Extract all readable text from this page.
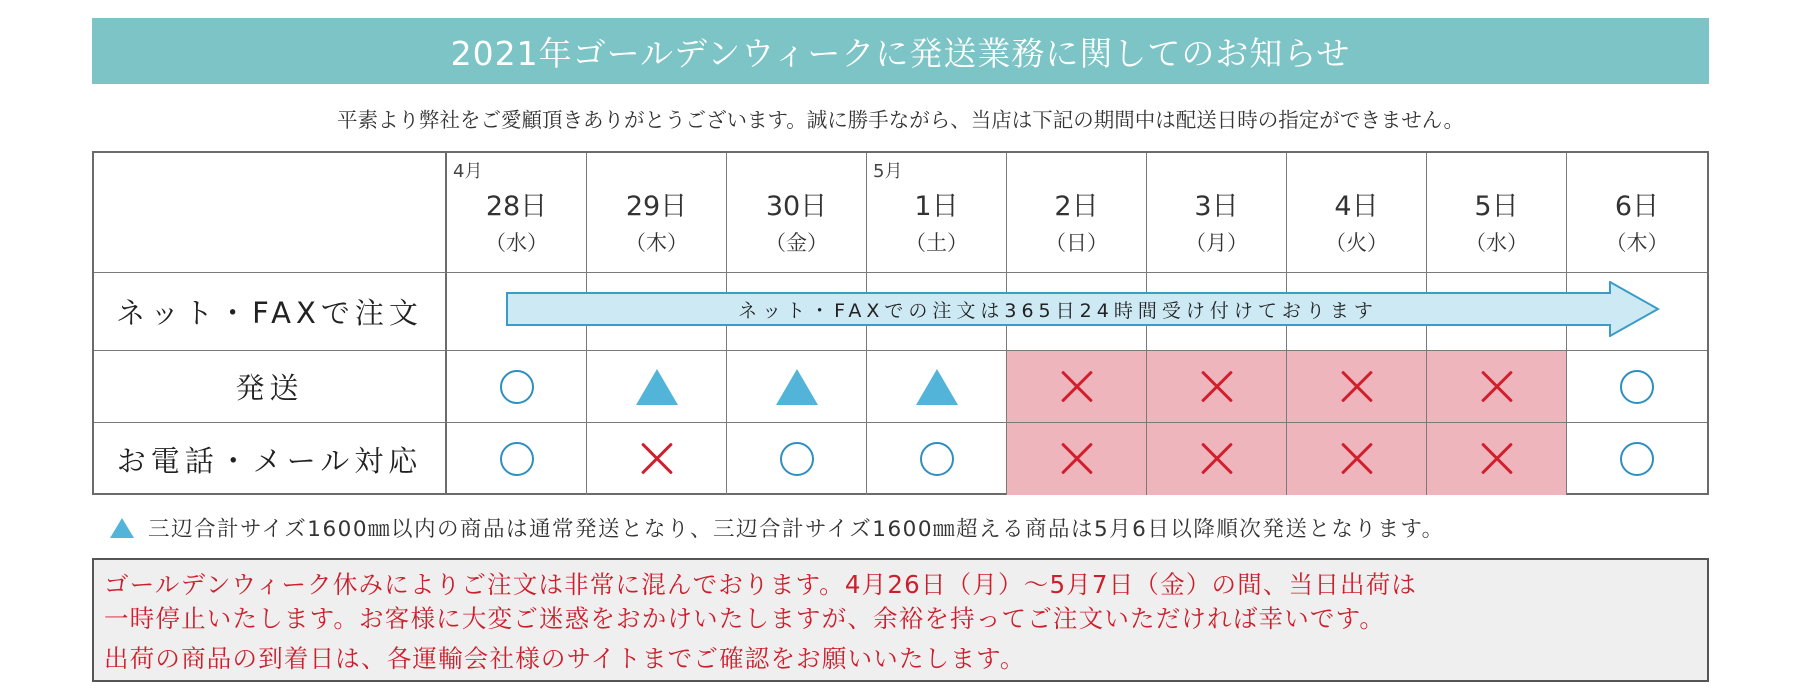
2021年ゴールデンウィークに発送業務に関してのお知らせ
平素より弊社をご愛顧頂きありがとうございます。誠に勝手ながら、当店は下記の期間中は配送日時の指定ができません。
4月
28日
（水）
29日
（木）
30日
（金）
5月
1日
（土）
2日
（日）
3日
（月）
4日
（火）
5日
（水）
6日
（木）
ネット・FAXで注文
発送
お電話・メール対応
ネット・FAXでの注文は365日24時間受け付けております
三辺合計サイズ1600㎜以内の商品は通常発送となり、三辺合計サイズ1600㎜超える商品は5月6日以降順次発送となります。

ゴールデンウィーク休みによりご注文は非常に混んでおります。4月26日（月）～5月7日（金）の間、当日出荷は

一時停止いたします。お客様に大変ご迷惑をおかけいたしますが、余裕を持ってご注文いただければ幸いです。

出荷の商品の到着日は、各運輸会社様のサイトまでご確認をお願いいたします。
